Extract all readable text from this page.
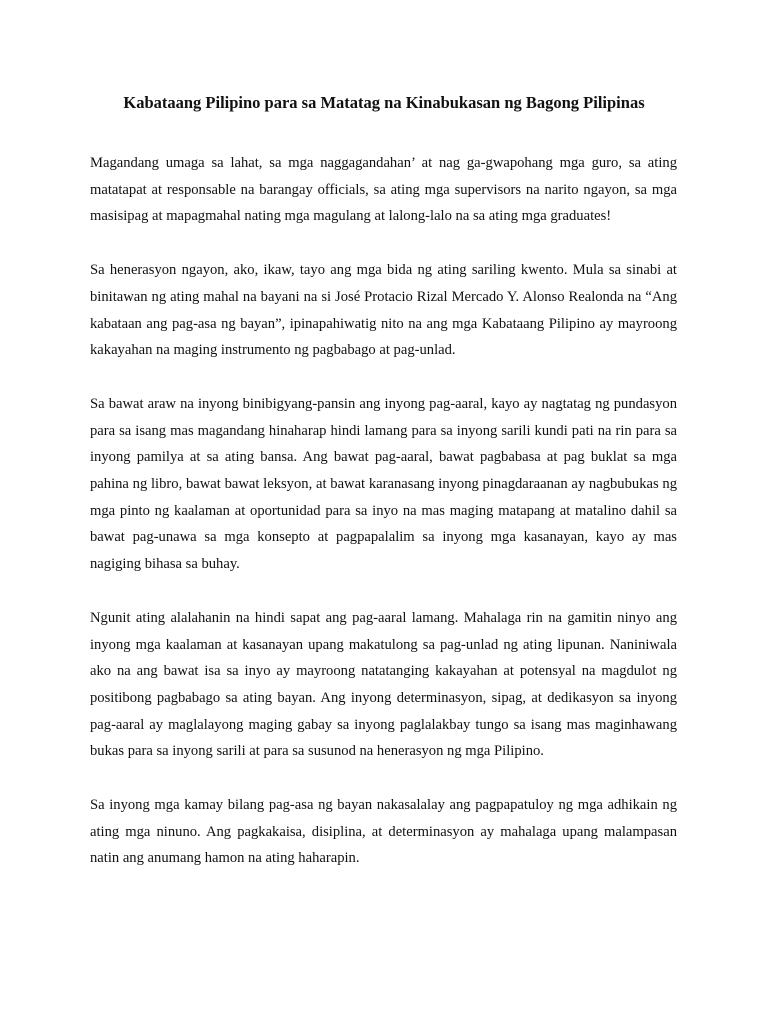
Kabataang Pilipino para sa Matatag na Kinabukasan ng Bagong Pilipinas

Magandang umaga sa lahat, sa mga naggagandahan’ at nag ga-gwapohang mga guro, sa ating matatapat at responsable na barangay officials, sa ating mga supervisors na narito ngayon, sa mga masisipag at mapagmahal nating mga magulang at lalong-lalo na sa ating mga graduates!

Sa henerasyon ngayon, ako, ikaw, tayo ang mga bida ng ating sariling kwento. Mula sa sinabi at binitawan ng ating mahal na bayani na si José Protacio Rizal Mercado Y. Alonso Realonda na “Ang kabataan ang pag-asa ng bayan”, ipinapahiwatig nito na ang mga Kabataang Pilipino ay mayroong kakayahan na maging instrumento ng pagbabago at pag-unlad.

Sa bawat araw na inyong binibigyang-pansin ang inyong pag-aaral, kayo ay nagtatag ng pundasyon para sa isang mas magandang hinaharap hindi lamang para sa inyong sarili kundi pati na rin para sa inyong pamilya at sa ating bansa. Ang bawat pag-aaral, bawat pagbabasa at pag buklat sa mga pahina ng libro, bawat bawat leksyon, at bawat karanasang inyong pinagdaraanan ay nagbubukas ng mga pinto ng kaalaman at oportunidad para sa inyo na mas maging matapang at matalino dahil sa bawat pag-unawa sa mga konsepto at pagpapalalim sa inyong mga kasanayan, kayo ay mas nagiging bihasa sa buhay.

Ngunit ating alalahanin na hindi sapat ang pag-aaral lamang. Mahalaga rin na gamitin ninyo ang inyong mga kaalaman at kasanayan upang makatulong sa pag-unlad ng ating lipunan. Naniniwala ako na ang bawat isa sa inyo ay mayroong natatanging kakayahan at potensyal na magdulot ng positibong pagbabago sa ating bayan. Ang inyong determinasyon, sipag, at dedikasyon sa inyong pag-aaral ay maglalayong maging gabay sa inyong paglalakbay tungo sa isang mas maginhawang bukas para sa inyong sarili at para sa susunod na henerasyon ng mga Pilipino.

Sa inyong mga kamay bilang pag-asa ng bayan nakasalalay ang pagpapatuloy ng mga adhikain ng ating mga ninuno. Ang pagkakaisa, disiplina, at determinasyon ay mahalaga upang malampasan natin ang anumang hamon na ating haharapin.
